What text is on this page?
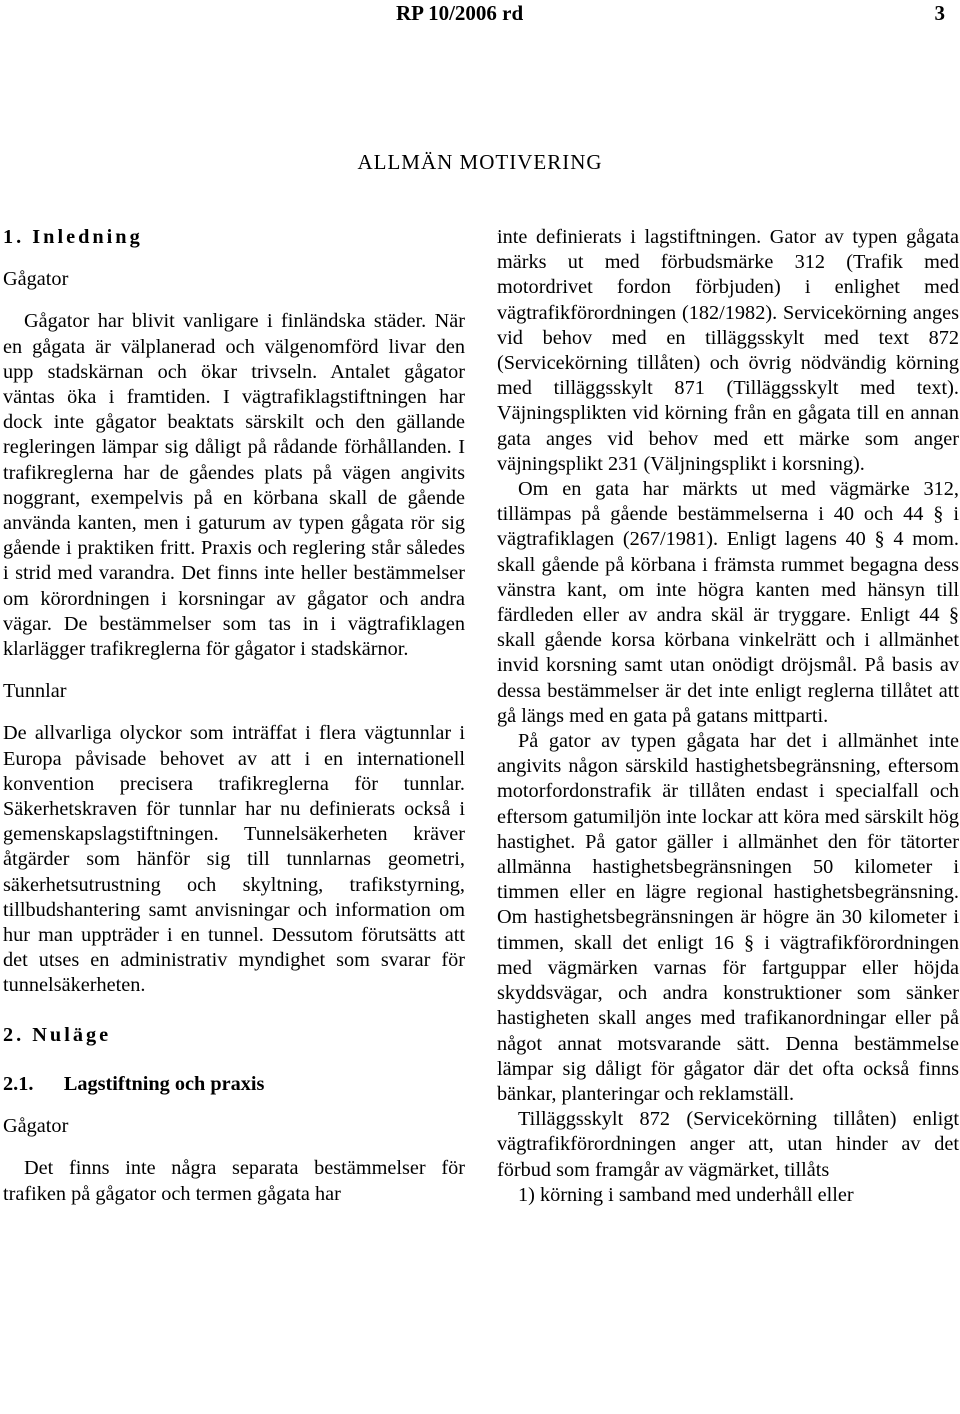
RP 10/2006 rd	3
ALLMÄN MOTIVERING

1. Inledning

Gågator

Gågator har blivit vanligare i finländska städer. När en gågata är välplanerad och välgenomförd livar den upp stadskärnan och ökar trivseln. Antalet gågator väntas öka i framtiden. I vägtrafiklagstiftningen har dock inte gågator beaktats särskilt och den gällande regleringen lämpar sig dåligt på rådande förhållanden. I trafikreglerna har de gåendes plats på vägen angivits noggrant, exempelvis på en körbana skall de gående använda kanten, men i gaturum av typen gågata rör sig gående i praktiken fritt. Praxis och reglering står således i strid med varandra. Det finns inte heller bestämmelser om körordningen i korsningar av gågator och andra vägar. De bestämmelser som tas in i vägtrafiklagen klarlägger trafikreglerna för gågator i stadskärnor.

Tunnlar

De allvarliga olyckor som inträffat i flera vägtunnlar i Europa påvisade behovet av att i en internationell konvention precisera trafikreglerna för tunnlar. Säkerhetskraven för tunnlar har nu definierats också i gemenskapslagstiftningen. Tunnelsäkerheten kräver åtgärder som hänför sig till tunnlarnas geometri, säkerhetsutrustning och skyltning, trafikstyrning, tillbudshantering samt anvisningar och information om hur man uppträder i en tunnel. Dessutom förutsätts att det utses en administrativ myndighet som svarar för tunnelsäkerheten.

2. Nuläge

2.1.      Lagstiftning och praxis

Gågator

Det finns inte några separata bestämmelser för trafiken på gågator och termen gågata har

inte definierats i lagstiftningen. Gator av typen gågata märks ut med förbudsmärke 312 (Trafik med motordrivet fordon förbjuden) i enlighet med vägtrafikförordningen (182/1982). Servicekörning anges vid behov med en tilläggsskylt med text 872 (Servicekörning tillåten) och övrig nödvändig körning med tilläggsskylt 871 (Tilläggsskylt med text). Väjningsplikten vid körning från en gågata till en annan gata anges vid behov med ett märke som anger väjningsplikt 231 (Väljningsplikt i korsning).

Om en gata har märkts ut med vägmärke 312, tillämpas på gående bestämmelserna i 40 och 44 § i vägtrafiklagen (267/1981). Enligt lagens 40 § 4 mom. skall gående på körbana i främsta rummet begagna dess vänstra kant, om inte högra kanten med hänsyn till färdleden eller av andra skäl är tryggare. Enligt 44 § skall gående korsa körbana vinkelrätt och i allmänhet invid korsning samt utan onödigt dröjsmål. På basis av dessa bestämmelser är det inte enligt reglerna tillåtet att gå längs med en gata på gatans mittparti.

På gator av typen gågata har det i allmänhet inte angivits någon särskild hastighetsbegränsning, eftersom motorfordonstrafik är tillåten endast i specialfall och eftersom gatumiljön inte lockar att köra med särskilt hög hastighet. På gator gäller i allmänhet den för tätorter allmänna hastighetsbegränsningen 50 kilometer i timmen eller en lägre regional hastighetsbegränsning. Om hastighetsbegränsningen är högre än 30 kilometer i timmen, skall det enligt 16 § i vägtrafikförordningen med vägmärken varnas för fartguppar eller höjda skyddsvägar, och andra konstruktioner som sänker hastigheten skall anges med trafikanordningar eller på något annat motsvarande sätt. Denna bestämmelse lämpar sig dåligt för gågator där det ofta också finns bänkar, planteringar och reklamställ.

Tilläggsskylt 872 (Servicekörning tillåten) enligt vägtrafikförordningen anger att, utan hinder av det förbud som framgår av vägmärket, tillåts

1) körning i samband med underhåll eller
